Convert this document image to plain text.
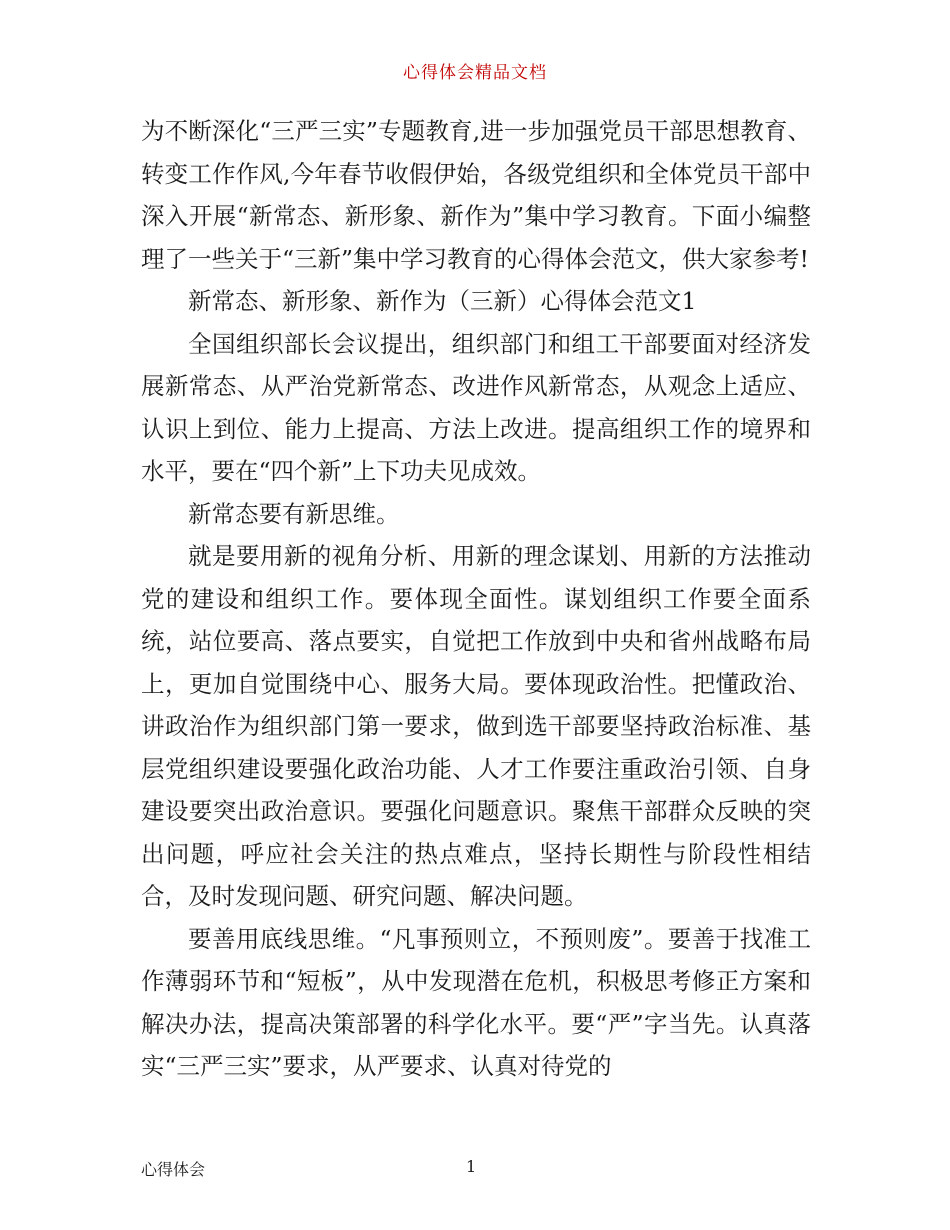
心得体会精品文档

为不断深化“三严三实”专题教育,进一步加强党员干部思想教育、转变工作作风,今年春节收假伊始，各级党组织和全体党员干部中深入开展“新常态、新形象、新作为”集中学习教育。下面小编整理了一些关于“三新”集中学习教育的心得体会范文，供大家参考!

新常态、新形象、新作为（三新）心得体会范文1

全国组织部长会议提出，组织部门和组工干部要面对经济发展新常态、从严治党新常态、改进作风新常态，从观念上适应、认识上到位、能力上提高、方法上改进。提高组织工作的境界和水平，要在“四个新”上下功夫见成效。

新常态要有新思维。

就是要用新的视角分析、用新的理念谋划、用新的方法推动党的建设和组织工作。要体现全面性。谋划组织工作要全面系统，站位要高、落点要实，自觉把工作放到中央和省州战略布局上，更加自觉围绕中心、服务大局。要体现政治性。把懂政治、讲政治作为组织部门第一要求，做到选干部要坚持政治标准、基层党组织建设要强化政治功能、人才工作要注重政治引领、自身建设要突出政治意识。要强化问题意识。聚焦干部群众反映的突出问题，呼应社会关注的热点难点，坚持长期性与阶段性相结合，及时发现问题、研究问题、解决问题。

要善用底线思维。“凡事预则立，不预则废”。要善于找准工作薄弱环节和“短板”，从中发现潜在危机，积极思考修正方案和解决办法，提高决策部署的科学化水平。要“严”字当先。认真落实“三严三实”要求，从严要求、认真对待党的

心得体会	1
